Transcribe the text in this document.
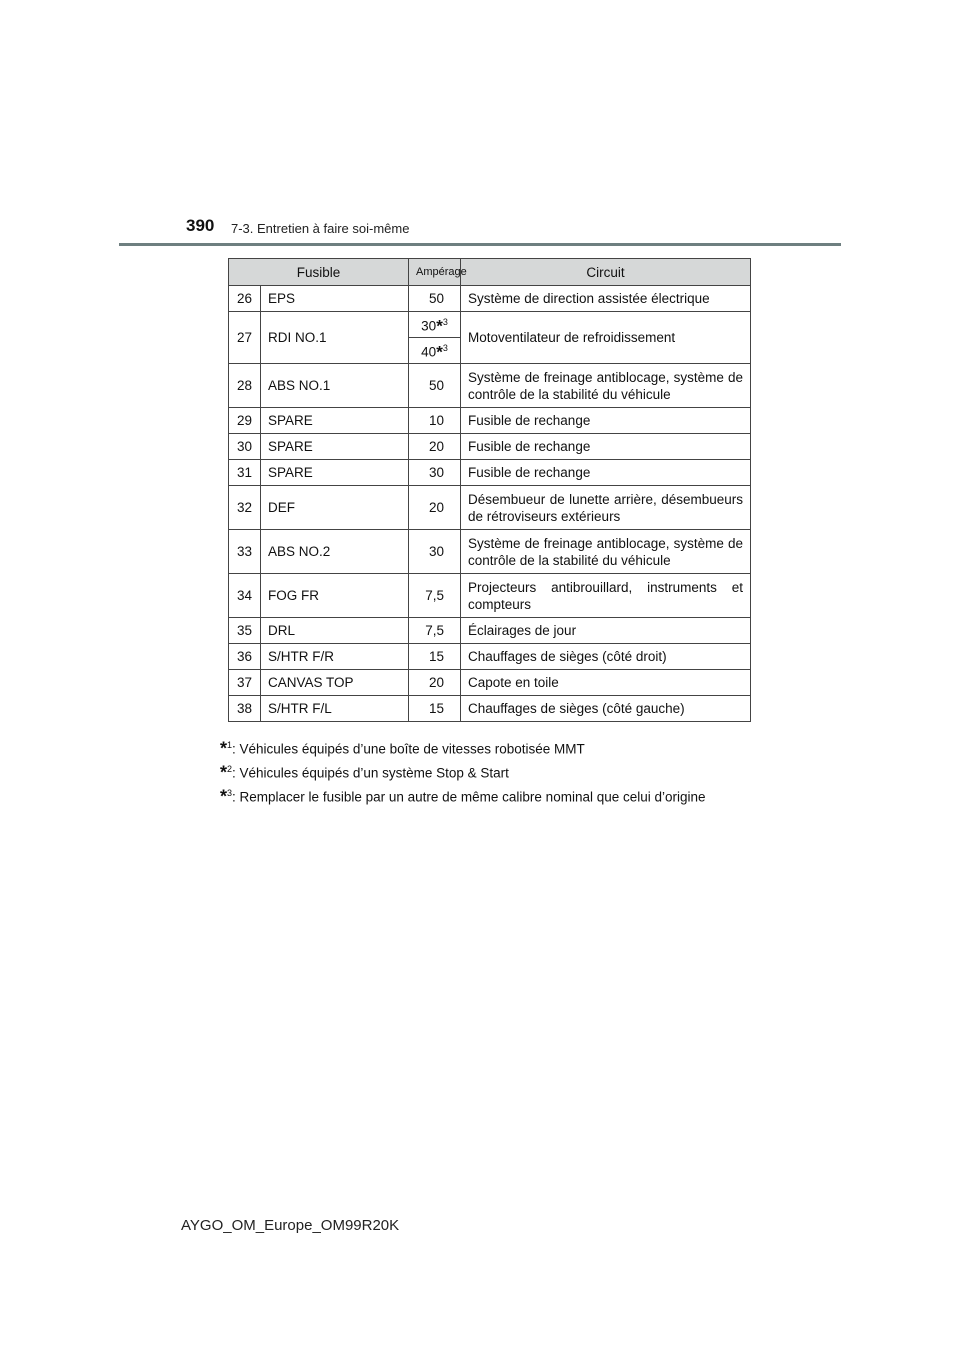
390 7-3. Entretien à faire soi-même
Fusible		Ampérage	Circuit
26	EPS	50	Système de direction assistée électrique
27	RDI NO.1	30*$^3$	Motoventilateur de refroidissement
		40*$^3$
28	ABS NO.1	50	Système de freinage antiblocage, système de
contrôle de la stabilité du véhicule

29	SPARE	10	Fusible de rechange
30	SPARE	20	Fusible de rechange
31	SPARE	30	Fusible de rechange
32	DEF	20	Désembueur de lunette arrière, désembueurs
de rétroviseurs extérieurs

33	ABS NO.2	30	Système de freinage antiblocage, système de
contrôle de la stabilité du véhicule

34	FOG FR	7,5	Projecteurs antibrouillard, instruments et
compteurs

35	DRL	7,5	Éclairages de jour
36	S/HTR F/R	15	Chauffages de sièges (côté droit)
37	CANVAS TOP	20	Capote en toile
38	S/HTR F/L	15	Chauffages de sièges (côté gauche)
*$^1$: Véhicules équipés d’une boîte de vitesses robotisée MMT
*$^2$: Véhicules équipés d’un système Stop & Start
*$^3$: Remplacer le fusible par un autre de même calibre nominal que celui d’origine
AYGO_OM_Europe_OM99R20K
